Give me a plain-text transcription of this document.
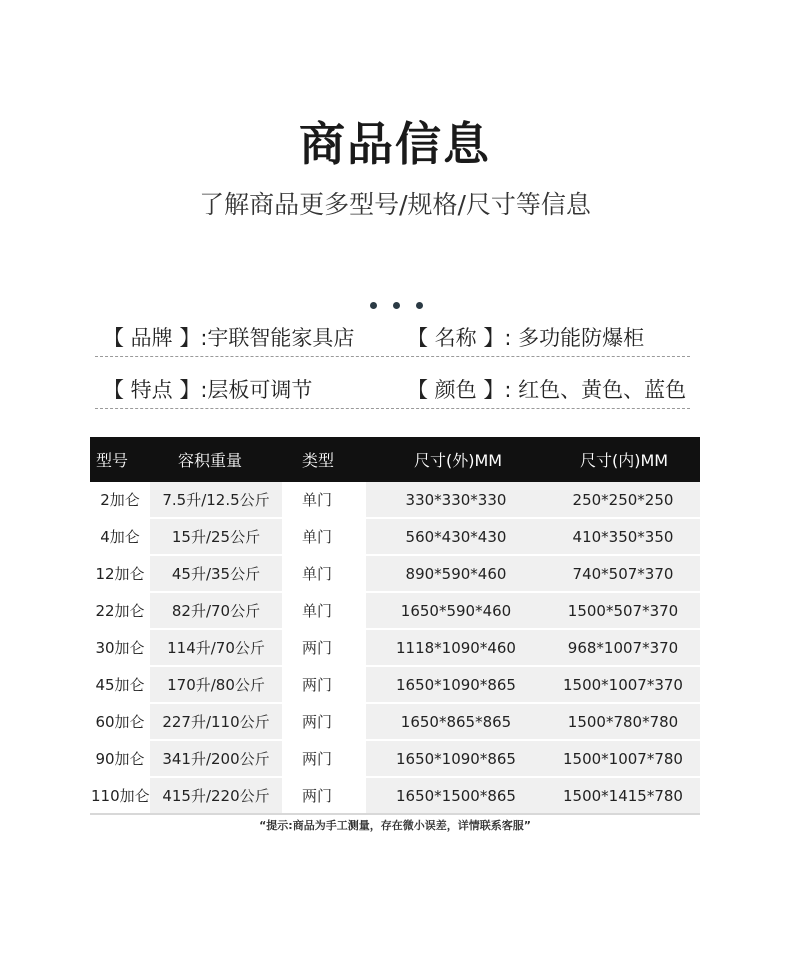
商品信息
了解商品更多型号/规格/尺寸等信息
【 品牌 】:宇联智能家具店	【 名称 】: 多功能防爆柜
【 特点 】:层板可调节	【 颜色 】: 红色、黄色、蓝色
型号	容积重量	类型	尺寸(外)MM	尺寸(内)MM
2加仑	7.5升/12.5公斤	单门	330*330*330	250*250*250
4加仑	15升/25公斤	单门	560*430*430	410*350*350
12加仑	45升/35公斤	单门	890*590*460	740*507*370
22加仑	82升/70公斤	单门	1650*590*460	1500*507*370
30加仑	114升/70公斤	两门	1118*1090*460	968*1007*370
45加仑	170升/80公斤	两门	1650*1090*865	1500*1007*370
60加仑	227升/110公斤	两门	1650*865*865	1500*780*780
90加仑	341升/200公斤	两门	1650*1090*865	1500*1007*780
110加仑	415升/220公斤	两门	1650*1500*865	1500*1415*780
“提示:商品为手工测量，存在微小误差，详情联系客服”
